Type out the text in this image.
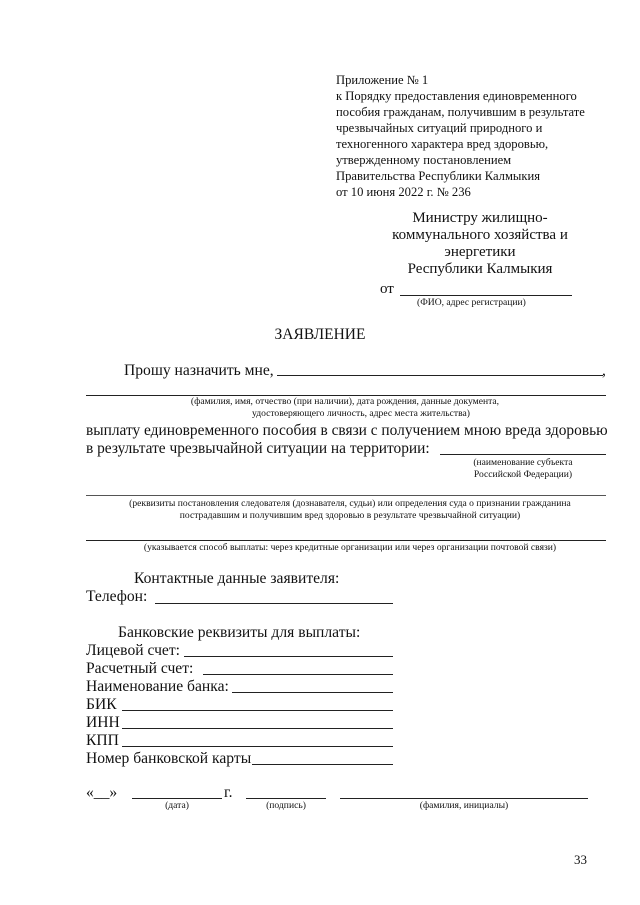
Приложение № 1
к Порядку предоставления единовременного
пособия гражданам, получившим в результате
чрезвычайных ситуаций природного и
техногенного характера вред здоровью,
утвержденному постановлением
Правительства Республики Калмыкия
от 10 июня 2022 г. № 236
Министру жилищно-
коммунального хозяйства и
энергетики
Республики Калмыкия
от
(ФИО, адрес регистрации)
ЗАЯВЛЕНИЕ
Прошу назначить мне,	,
(фамилия, имя, отчество (при наличии), дата рождения, данные документа,
удостоверяющего личность, адрес места жительства)
выплату единовременного пособия в связи с получением мною вреда здоровью
в результате чрезвычайной ситуации на территории:
(наименование субъекта
Российской Федерации)
(реквизиты постановления следователя (дознавателя, судьи) или определения суда о признании гражданина
пострадавшим и получившим вред здоровью в результате чрезвычайной ситуации)
(указывается способ выплаты: через кредитные организации или через организации почтовой связи)
Контактные данные заявителя:
Телефон:
Банковские реквизиты для выплаты:
Лицевой счет:
Расчетный счет:
Наименование банка:
БИК
ИНН
КПП
Номер банковской карты
«__»	г.
(дата)	(подпись)	(фамилия, инициалы)
33
